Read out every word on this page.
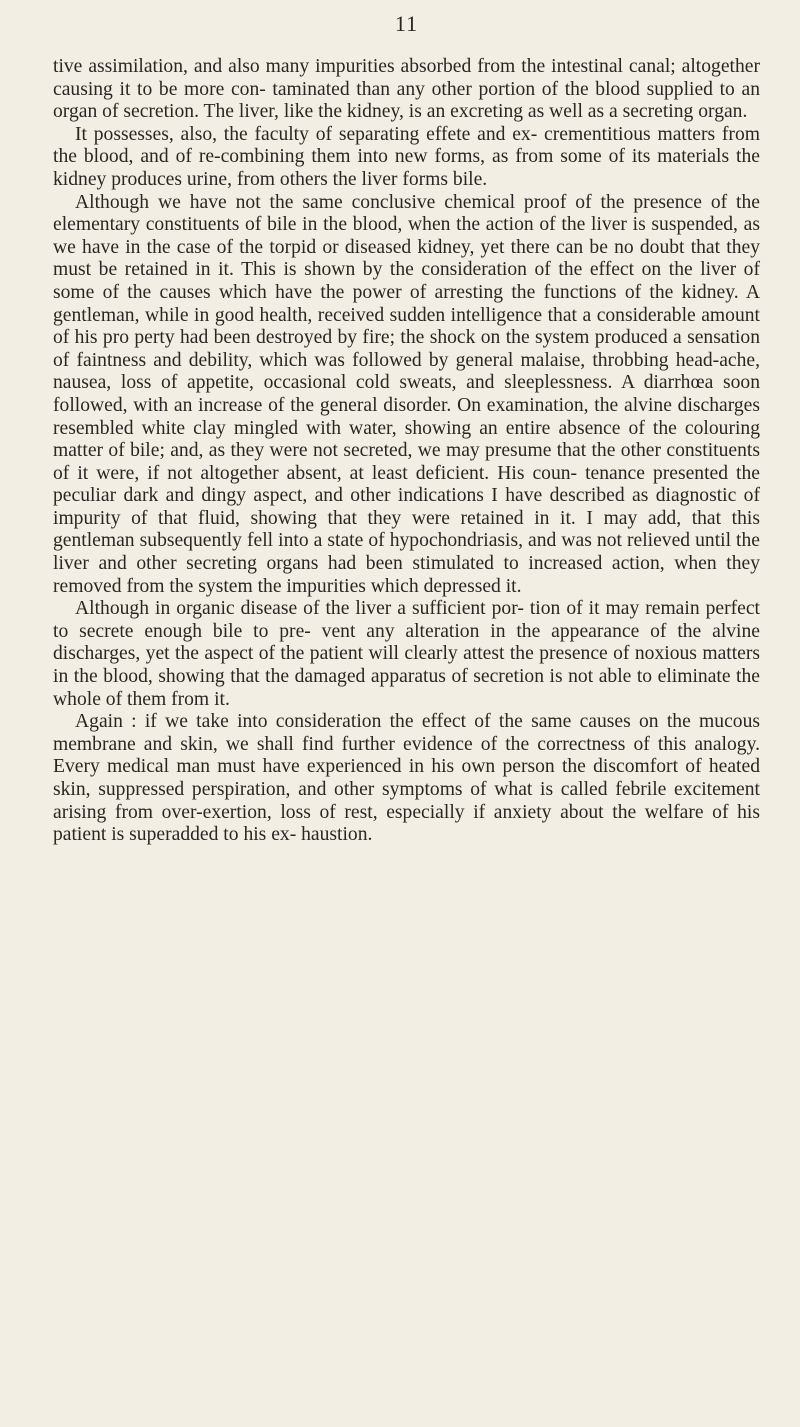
11

tive assimilation, and also many impurities absorbed from the intestinal canal; altogether causing it to be more con- taminated than any other portion of the blood supplied to an organ of secretion. The liver, like the kidney, is an excreting as well as a secreting organ.

It possesses, also, the faculty of separating effete and ex- crementitious matters from the blood, and of re-combining them into new forms, as from some of its materials the kidney produces urine, from others the liver forms bile.

Although we have not the same conclusive chemical proof of the presence of the elementary constituents of bile in the blood, when the action of the liver is suspended, as we have in the case of the torpid or diseased kidney, yet there can be no doubt that they must be retained in it. This is shown by the consideration of the effect on the liver of some of the causes which have the power of arresting the functions of the kidney. A gentleman, while in good health, received sudden intelligence that a considerable amount of his pro perty had been destroyed by fire; the shock on the system produced a sensation of faintness and debility, which was followed by general malaise, throbbing head-ache, nausea, loss of appetite, occasional cold sweats, and sleeplessness. A diarrhœa soon followed, with an increase of the general disorder. On examination, the alvine discharges resembled white clay mingled with water, showing an entire absence of the colouring matter of bile; and, as they were not secreted, we may presume that the other constituents of it were, if not altogether absent, at least deficient. His coun- tenance presented the peculiar dark and dingy aspect, and other indications I have described as diagnostic of impurity of that fluid, showing that they were retained in it. I may add, that this gentleman subsequently fell into a state of hypochondriasis, and was not relieved until the liver and other secreting organs had been stimulated to increased action, when they removed from the system the impurities which depressed it.

Although in organic disease of the liver a sufficient por- tion of it may remain perfect to secrete enough bile to pre- vent any alteration in the appearance of the alvine discharges, yet the aspect of the patient will clearly attest the presence of noxious matters in the blood, showing that the damaged apparatus of secretion is not able to eliminate the whole of them from it.

Again : if we take into consideration the effect of the same causes on the mucous membrane and skin, we shall find further evidence of the correctness of this analogy. Every medical man must have experienced in his own person the discomfort of heated skin, suppressed perspiration, and other symptoms of what is called febrile excitement arising from over-exertion, loss of rest, especially if anxiety about the welfare of his patient is superadded to his ex- haustion.
